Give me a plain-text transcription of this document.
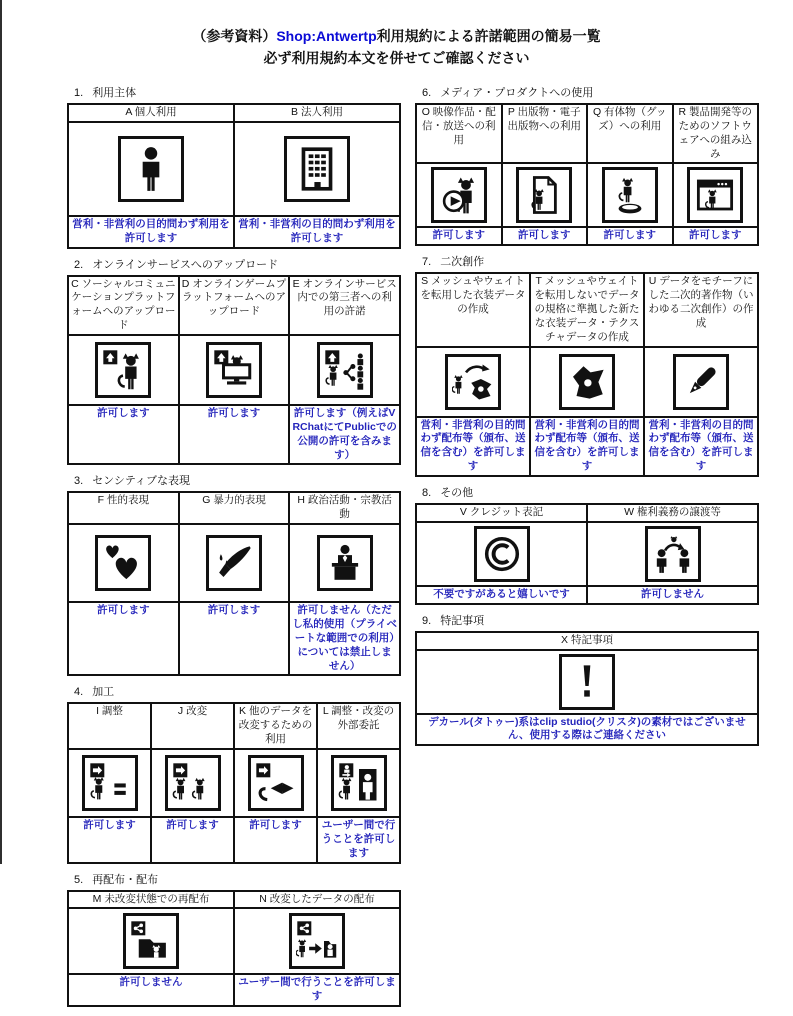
（参考資料）Shop:Antwertp利用規約による許諾範囲の簡易一覧
必ず利用規約本文を併せてご確認ください
1. 利用主体
A 個人利用	B 法人利用

営利・非営利の目的問わず利用を許可します	営利・非営利の目的問わず利用を許可します
2. オンラインサービスへのアップロード
C ソーシャルコミュニケーションプラットフォームへのアップロード	D オンラインゲームプラットフォームへのアップロード	E オンラインサービス内での第三者への利用の許諾

許可します	許可します	許可します（例えばVRChatにてPublicでの公開の許可を含みます）
3. センシティブな表現
F 性的表現	G 暴力的表現	H 政治活動・宗教活動

許可します	許可します	許可しません（ただし私的使用（プライベートな範囲での利用）については禁止しません）
4. 加工
I 調整	J 改変	K 他のデータを改変するための利用	L 調整・改変の外部委託

許可します	許可します	許可します	ユーザー間で行うことを許可します
5. 再配布・配布
M 未改変状態での再配布	N 改変したデータの配布

許可しません	ユーザー間で行うことを許可します
6. メディア・プロダクトへの使用
O 映像作品・配信・放送への利用	P 出版物・電子出版物への利用	Q 有体物（グッズ）への利用	R 製品開発等のためのソフトウェアへの組み込み

許可します	許可します	許可します	許可します
7. 二次創作
S メッシュやウェイトを転用した衣装データの作成	T メッシュやウェイトを転用しないでデータの規格に準拠した新たな衣装データ・テクスチャデータの作成	U データをモチーフにした二次的著作物（いわゆる二次創作）の作成

営利・非営利の目的問わず配布等（頒布、送信を含む）を許可します	営利・非営利の目的問わず配布等（頒布、送信を含む）を許可します	営利・非営利の目的問わず配布等（頒布、送信を含む）を許可します
8. その他
V クレジット表記	W 権利義務の譲渡等

不要ですがあると嬉しいです	許可しません
9. 特記事項
X 特記事項

デカール(タトゥー)系はclip studio(クリスタ)の素材ではございません、使用する際はご連絡ください
